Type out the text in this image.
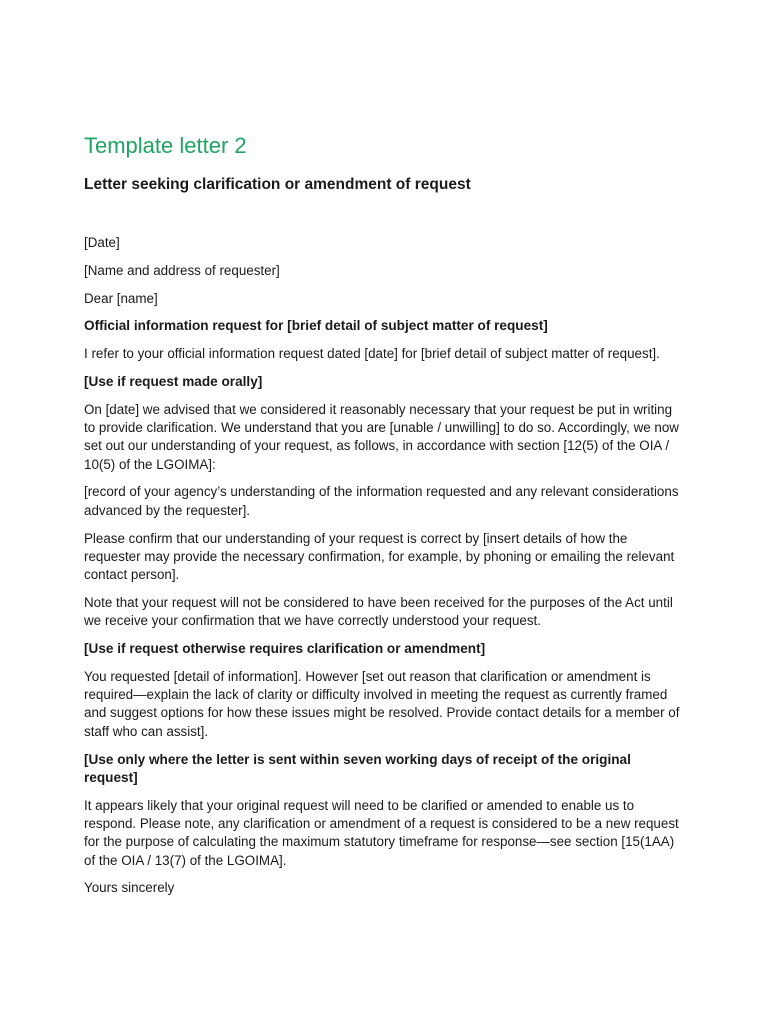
Template letter 2
Letter seeking clarification or amendment of request

[Date]

[Name and address of requester]

Dear [name]

Official information request for [brief detail of subject matter of request]

I refer to your official information request dated [date] for [brief detail of subject matter of request].

[Use if request made orally]

On [date] we advised that we considered it reasonably necessary that your request be put in writing to provide clarification. We understand that you are [unable / unwilling] to do so. Accordingly, we now set out our understanding of your request, as follows, in accordance with section [12(5) of the OIA / 10(5) of the LGOIMA]:

[record of your agency’s understanding of the information requested and any relevant considerations advanced by the requester].

Please confirm that our understanding of your request is correct by [insert details of how the requester may provide the necessary confirmation, for example, by phoning or emailing the relevant contact person].

Note that your request will not be considered to have been received for the purposes of the Act until we receive your confirmation that we have correctly understood your request.

[Use if request otherwise requires clarification or amendment]

You requested [detail of information]. However [set out reason that clarification or amendment is required—explain the lack of clarity or difficulty involved in meeting the request as currently framed and suggest options for how these issues might be resolved. Provide contact details for a member of staff who can assist].

[Use only where the letter is sent within seven working days of receipt of the original request]

It appears likely that your original request will need to be clarified or amended to enable us to respond. Please note, any clarification or amendment of a request is considered to be a new request for the purpose of calculating the maximum statutory timeframe for response—see section [15(1AA) of the OIA / 13(7) of the LGOIMA].

Yours sincerely
